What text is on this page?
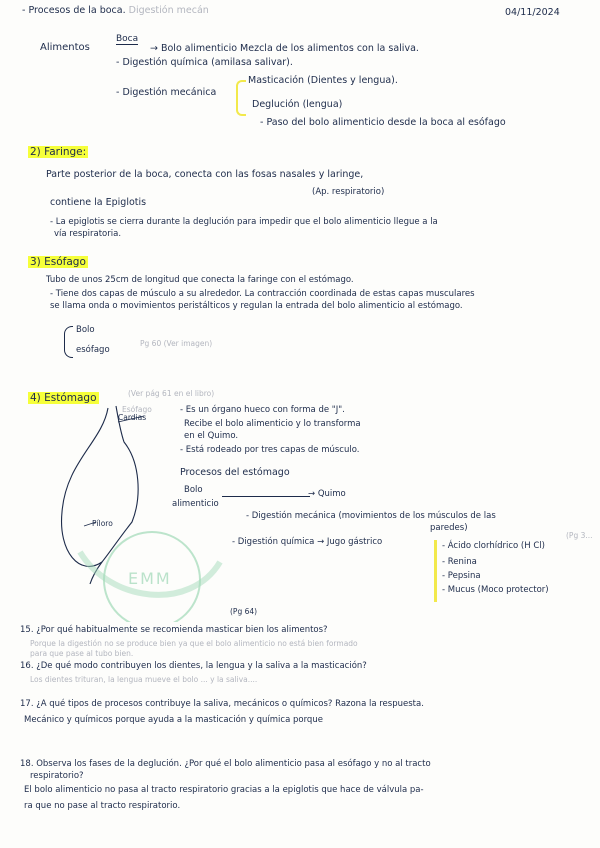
- Procesos de la boca. Digestión mecán	04/11/2024
Alimentos
Boca
→ Bolo alimenticio Mezcla de los alimentos con la saliva.
- Digestión química (amilasa salivar).
- Digestión mecánica
Masticación (Dientes y lengua).
Deglución (lengua)
- Paso del bolo alimenticio desde la boca al esófago
2) Faringe:
Parte posterior de la boca, conecta con las fosas nasales y laringe,
(Ap. respiratorio)
contiene la Epiglotis
- La epiglotis se cierra durante la deglución para impedir que el bolo alimenticio llegue a la
vía respiratoria.
3) Esófago
Tubo de unos 25cm de longitud que conecta la faringe con el estómago.
- Tiene dos capas de músculo a su alrededor. La contracción coordinada de estas capas musculares
se llama onda o movimientos peristálticos y regulan la entrada del bolo alimenticio al estómago.
Bolo
esófago
Pg 60 (Ver imagen)
4) Estómago	(Ver pág 61 en el libro)
Esófago
Cardias
Píloro
EMM
- Es un órgano hueco con forma de "J".
Recibe el bolo alimenticio y lo transforma
en el Quimo.
- Está rodeado por tres capas de músculo.
Procesos del estómago
Bolo
alimenticio
→ Quimo
- Digestión mecánica (movimientos de los músculos de las
paredes)
(Pg 3...
- Digestión química → Jugo gástrico	- Ácido clorhídrico (H Cl)
- Renina
- Pepsina
- Mucus (Moco protector)
(Pg 64)
15. ¿Por qué habitualmente se recomienda masticar bien los alimentos?
Porque la digestión no se produce bien ya que el bolo alimenticio no está bien formado
para que pase al tubo bien.
16. ¿De qué modo contribuyen los dientes, la lengua y la saliva a la masticación?
Los dientes trituran, la lengua mueve el bolo ... y la saliva....
17. ¿A qué tipos de procesos contribuye la saliva, mecánicos o químicos? Razona la respuesta.
Mecánico y químicos porque ayuda a la masticación y química porque
18. Observa los fases de la deglución. ¿Por qué el bolo alimenticio pasa al esófago y no al tracto
respiratorio?
El bolo alimenticio no pasa al tracto respiratorio gracias a la epiglotis que hace de válvula pa-
ra que no pase al tracto respiratorio.
